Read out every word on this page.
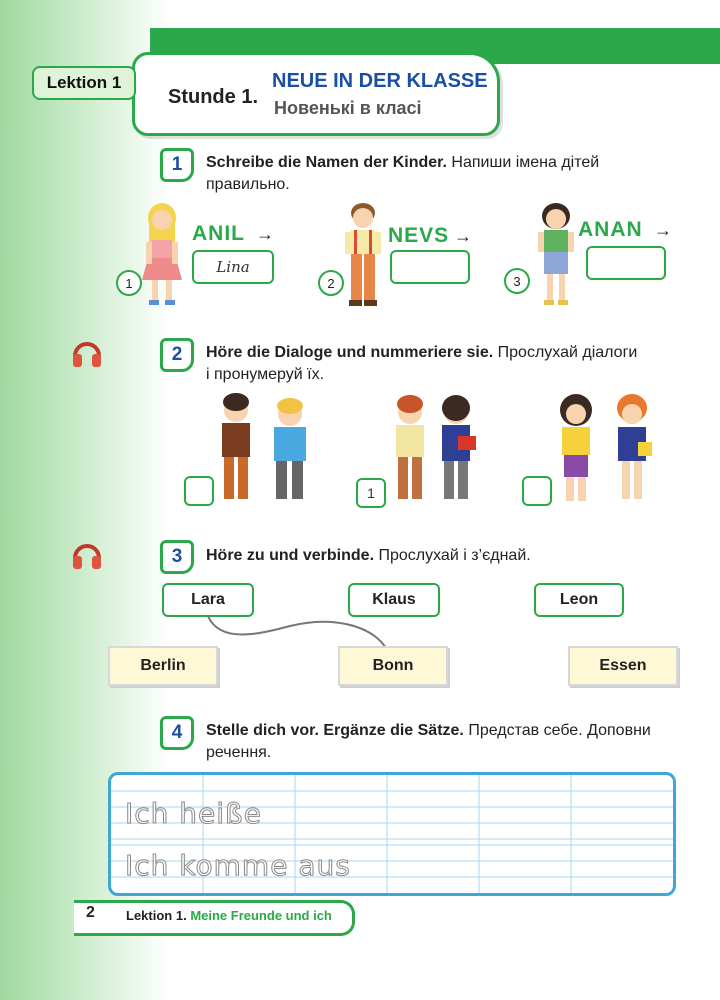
Lektion 1
Stunde 1.
NEUE IN DER KLASSE
Новенькі в класі
1	Schreibe die Namen der Kinder. Напиши імена дітей
правильно.
1
ANIL →
Lina
2
NEVS →
3
ANAN →
2	Höre die Dialoge und nummeriere sie. Прослухай діалоги
і пронумеруй їх.
1
3	Höre zu und verbinde. Прослухай і з’єднай.
Lara	Klaus	Leon
Berlin	Bonn	Essen
4	Stelle dich vor. Ergänze die Sätze. Представ себе. Доповни
речення.
Ich heiße
Ich komme aus
2 Lektion 1. Meine Freunde und ich
